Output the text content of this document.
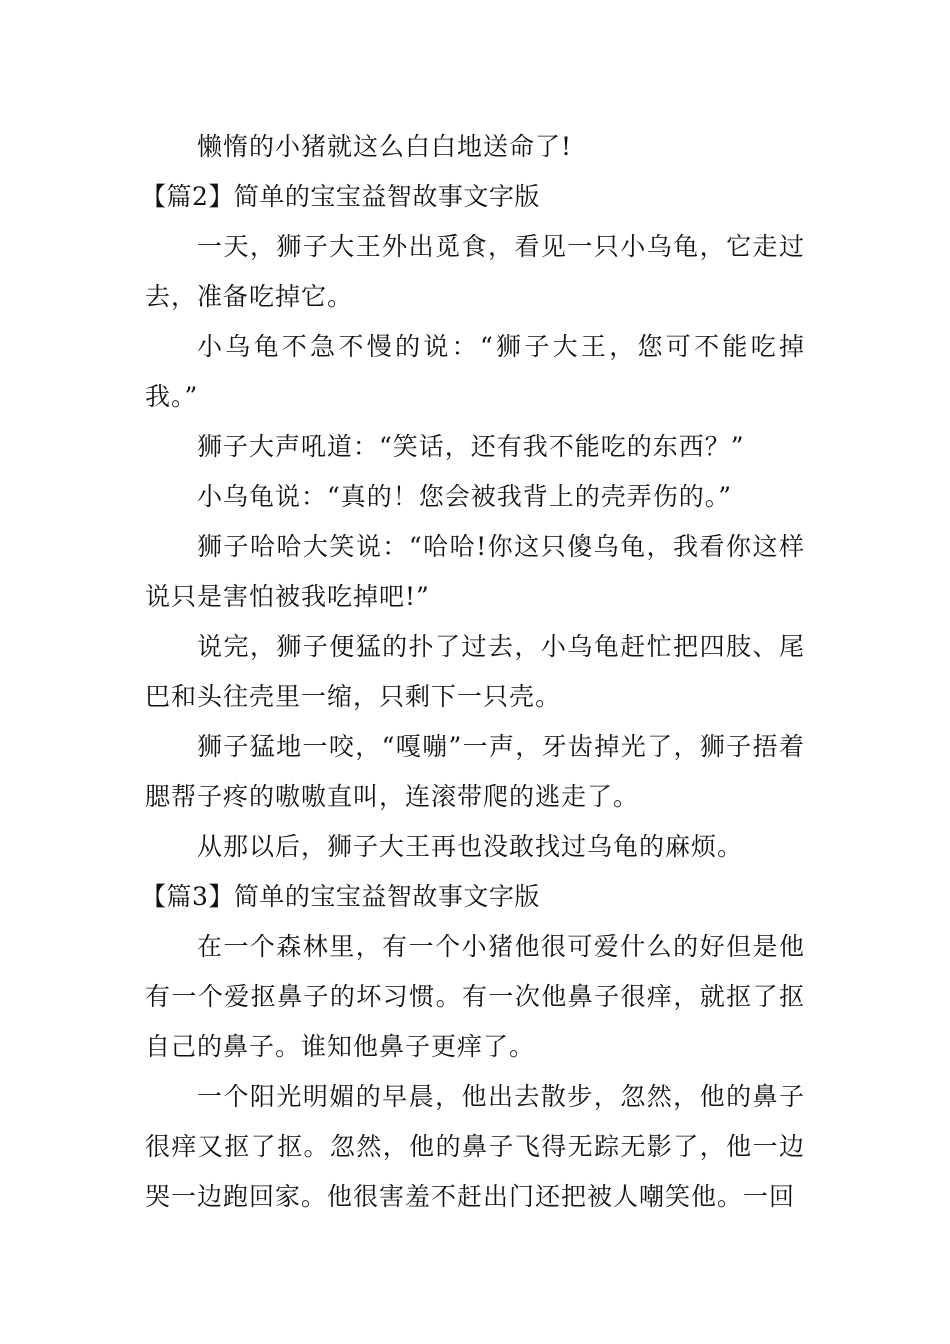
懒惰的小猪就这么白白地送命了!

【篇2】简单的宝宝益智故事文字版

一天，狮子大王外出觅食，看见一只小乌龟，它走过去，准备吃掉它。

小乌龟不急不慢的说：“狮子大王，您可不能吃掉我。”

狮子大声吼道：“笑话，还有我不能吃的东西？”

小乌龟说：“真的！您会被我背上的壳弄伤的。”

狮子哈哈大笑说：“哈哈!你这只傻乌龟，我看你这样说只是害怕被我吃掉吧!”

说完，狮子便猛的扑了过去，小乌龟赶忙把四肢、尾巴和头往壳里一缩，只剩下一只壳。

狮子猛地一咬，“嘎嘣”一声，牙齿掉光了，狮子捂着腮帮子疼的嗷嗷直叫，连滚带爬的逃走了。

从那以后，狮子大王再也没敢找过乌龟的麻烦。

【篇3】简单的宝宝益智故事文字版

在一个森林里，有一个小猪他很可爱什么的好但是他有一个爱抠鼻子的坏习惯。有一次他鼻子很痒，就抠了抠自己的鼻子。谁知他鼻子更痒了。

一个阳光明媚的早晨，他出去散步，忽然，他的鼻子很痒又抠了抠。忽然，他的鼻子飞得无踪无影了，他一边哭一边跑回家。他很害羞不赶出门还把被人嘲笑他。一回
